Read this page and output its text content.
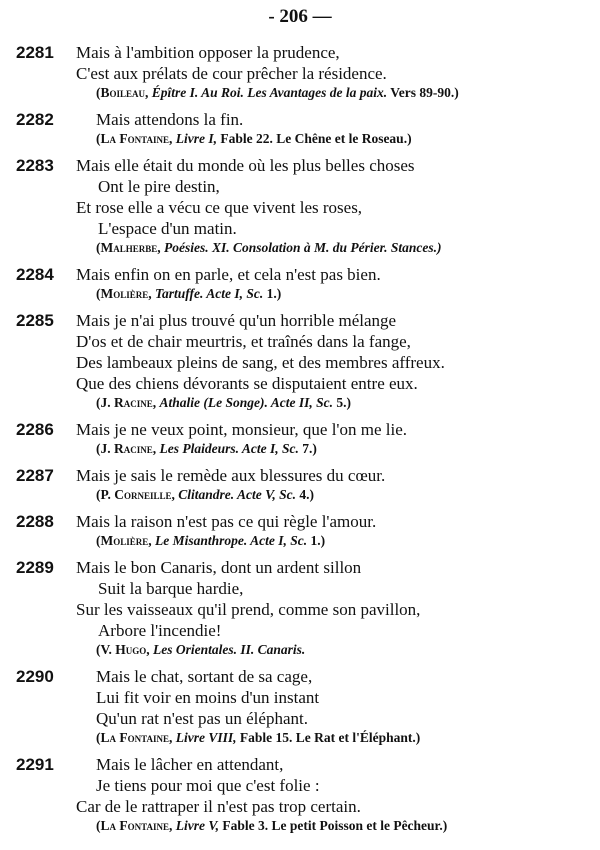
- 206 —
2281	Mais à l'ambition opposer la prudence,
C'est aux prélats de cour prêcher la résidence.
(Boileau, Épître I. Au Roi. Les Avantages de la paix. Vers 89-90.)
2282	Mais attendons la fin.
(La Fontaine, Livre I, Fable 22. Le Chêne et le Roseau.)
2283	Mais elle était du monde où les plus belles choses
Ont le pire destin,
Et rose elle a vécu ce que vivent les roses,
L'espace d'un matin.
(Malherbe, Poésies. XI. Consolation à M. du Périer. Stances.)
2284	Mais enfin on en parle, et cela n'est pas bien.
(Molière, Tartuffe. Acte I, Sc. 1.)
2285	Mais je n'ai plus trouvé qu'un horrible mélange
D'os et de chair meurtris, et traînés dans la fange,
Des lambeaux pleins de sang, et des membres affreux.
Que des chiens dévorants se disputaient entre eux.
(J. Racine, Athalie (Le Songe). Acte II, Sc. 5.)
2286	Mais je ne veux point, monsieur, que l'on me lie.
(J. Racine, Les Plaideurs. Acte I, Sc. 7.)
2287	Mais je sais le remède aux blessures du cœur.
(P. Corneille, Clitandre. Acte V, Sc. 4.)
2288	Mais la raison n'est pas ce qui règle l'amour.
(Molière, Le Misanthrope. Acte I, Sc. 1.)
2289	Mais le bon Canaris, dont un ardent sillon
Suit la barque hardie,
Sur les vaisseaux qu'il prend, comme son pavillon,
Arbore l'incendie!
(V. Hugo, Les Orientales. II. Canaris.
2290	Mais le chat, sortant de sa cage,
Lui fit voir en moins d'un instant
Qu'un rat n'est pas un éléphant.
(La Fontaine, Livre VIII, Fable 15. Le Rat et l'Éléphant.)
2291	Mais le lâcher en attendant,
Je tiens pour moi que c'est folie :
Car de le rattraper il n'est pas trop certain.
(La Fontaine, Livre V, Fable 3. Le petit Poisson et le Pêcheur.)
